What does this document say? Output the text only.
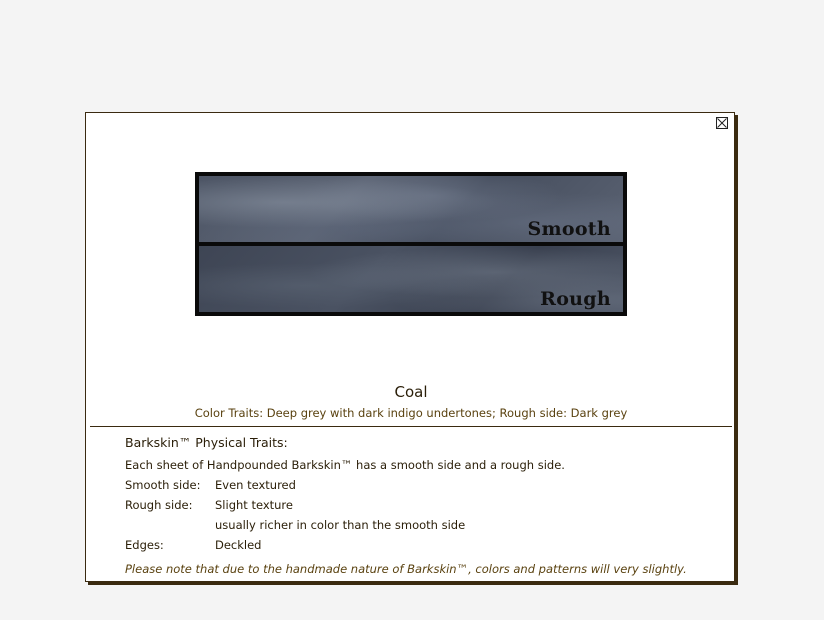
Smooth
Rough
Coal
Color Traits: Deep grey with dark indigo undertones; Rough side: Dark grey
Barkskin™ Physical Traits:
Each sheet of Handpounded Barkskin™ has a smooth side and a rough side.
Smooth side: Even textured
Rough side: Slight texture
usually richer in color than the smooth side
Edges:	Deckled
Please note that due to the handmade nature of Barkskin™, colors and patterns will very slightly.
